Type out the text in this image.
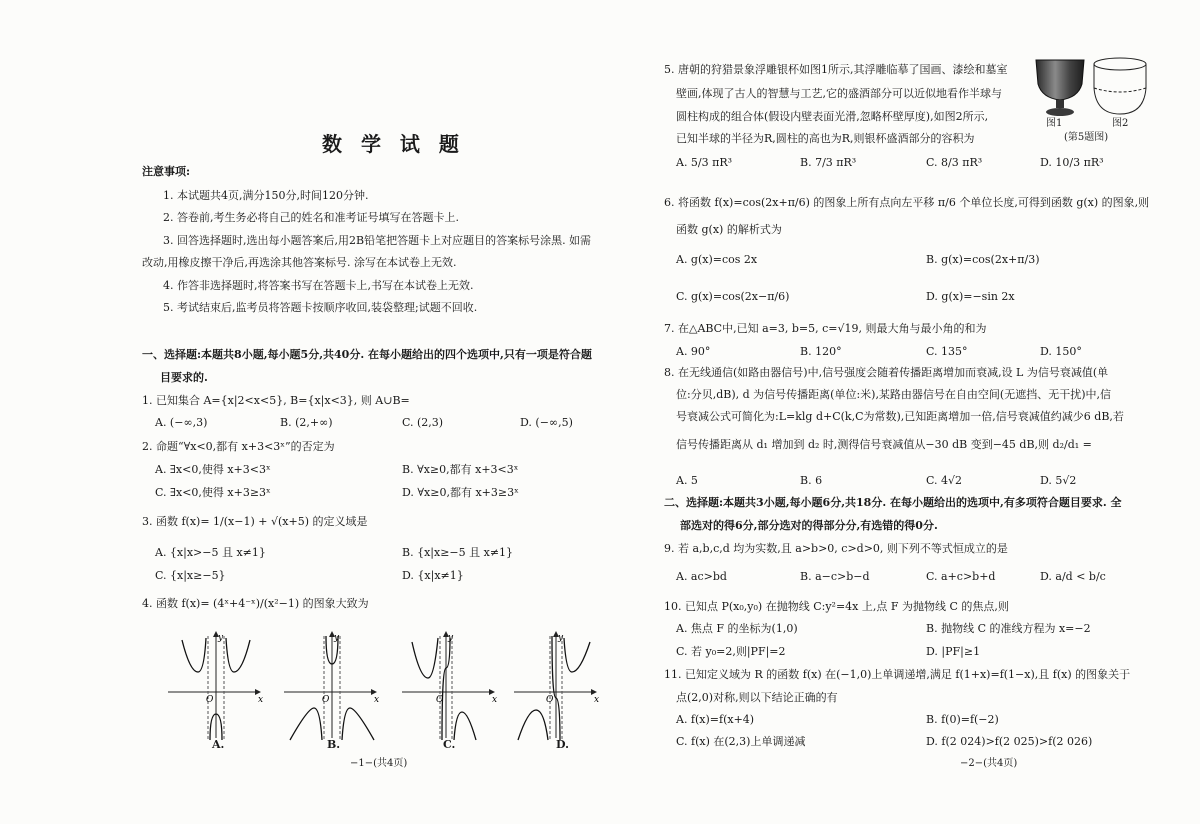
数 学 试 题
注意事项:
1. 本试题共4页,满分150分,时间120分钟.
2. 答卷前,考生务必将自己的姓名和准考证号填写在答题卡上.
3. 回答选择题时,选出每小题答案后,用2B铅笔把答题卡上对应题目的答案标号涂黑. 如需
改动,用橡皮擦干净后,再选涂其他答案标号. 涂写在本试卷上无效.
4. 作答非选择题时,将答案书写在答题卡上,书写在本试卷上无效.
5. 考试结束后,监考员将答题卡按顺序收回,装袋整理;试题不回收.
一、选择题:本题共8小题,每小题5分,共40分. 在每小题给出的四个选项中,只有一项是符合题
目要求的.
1. 已知集合 A={x|2<x<5}, B={x|x<3}, 则 A∪B=
A. (−∞,3)	B. (2,+∞)	C. (2,3)	D. (−∞,5)
2. 命题“∀x<0,都有 x+3<3ˣ”的否定为
A. ∃x<0,使得 x+3<3ˣ	B. ∀x≥0,都有 x+3<3ˣ
C. ∃x<0,使得 x+3≥3ˣ	D. ∀x≥0,都有 x+3≥3ˣ
3. 函数 f(x)= 1/(x−1) + √(x+5) 的定义域是
A. {x|x>−5 且 x≠1}	B. {x|x≥−5 且 x≠1}
C. {x|x≥−5}	D. {x|x≠1}
4. 函数 f(x)= (4ˣ+4⁻ˣ)/(x²−1) 的图象大致为
y
x
O
y
x
O
y
x
O
y
x
O
A.	B.	C.	D.
−1−(共4页)
5. 唐朝的狩猎景象浮雕银杯如图1所示,其浮雕临摹了国画、漆绘和墓室
壁画,体现了古人的智慧与工艺,它的盛酒部分可以近似地看作半球与
圆柱构成的组合体(假设内壁表面光滑,忽略杯壁厚度),如图2所示,
已知半球的半径为R,圆柱的高也为R,则银杯盛酒部分的容积为
图1	图2
(第5题图)
A. 5/3 πR³	B. 7/3 πR³	C. 8/3 πR³	D. 10/3 πR³
6. 将函数 f(x)=cos(2x+π/6) 的图象上所有点向左平移 π/6 个单位长度,可得到函数 g(x) 的图象,则
函数 g(x) 的解析式为
A. g(x)=cos 2x	B. g(x)=cos(2x+π/3)
C. g(x)=cos(2x−π/6)	D. g(x)=−sin 2x
7. 在△ABC中,已知 a=3, b=5, c=√19, 则最大角与最小角的和为
A. 90°	B. 120°	C. 135°	D. 150°
8. 在无线通信(如路由器信号)中,信号强度会随着传播距离增加而衰减,设 L 为信号衰减值(单
位:分贝,dB), d 为信号传播距离(单位:米),某路由器信号在自由空间(无遮挡、无干扰)中,信
号衰减公式可简化为:L=klg d+C(k,C为常数),已知距离增加一倍,信号衰减值约减少6 dB,若
信号传播距离从 d₁ 增加到 d₂ 时,测得信号衰减值从−30 dB 变到−45 dB,则 d₂/d₁ =
A. 5	B. 6	C. 4√2	D. 5√2
二、选择题:本题共3小题,每小题6分,共18分. 在每小题给出的选项中,有多项符合题目要求. 全
部选对的得6分,部分选对的得部分分,有选错的得0分.
9. 若 a,b,c,d 均为实数,且 a>b>0, c>d>0, 则下列不等式恒成立的是
A. ac>bd	B. a−c>b−d	C. a+c>b+d	D. a/d < b/c
10. 已知点 P(x₀,y₀) 在抛物线 C:y²=4x 上,点 F 为抛物线 C 的焦点,则
A. 焦点 F 的坐标为(1,0)	B. 抛物线 C 的准线方程为 x=−2
C. 若 y₀=2,则|PF|=2	D. |PF|≥1
11. 已知定义域为 R 的函数 f(x) 在(−1,0)上单调递增,满足 f(1+x)=f(1−x),且 f(x) 的图象关于
点(2,0)对称,则以下结论正确的有
A. f(x)=f(x+4)	B. f(0)=f(−2)
C. f(x) 在(2,3)上单调递减	D. f(2 024)>f(2 025)>f(2 026)
−2−(共4页)
